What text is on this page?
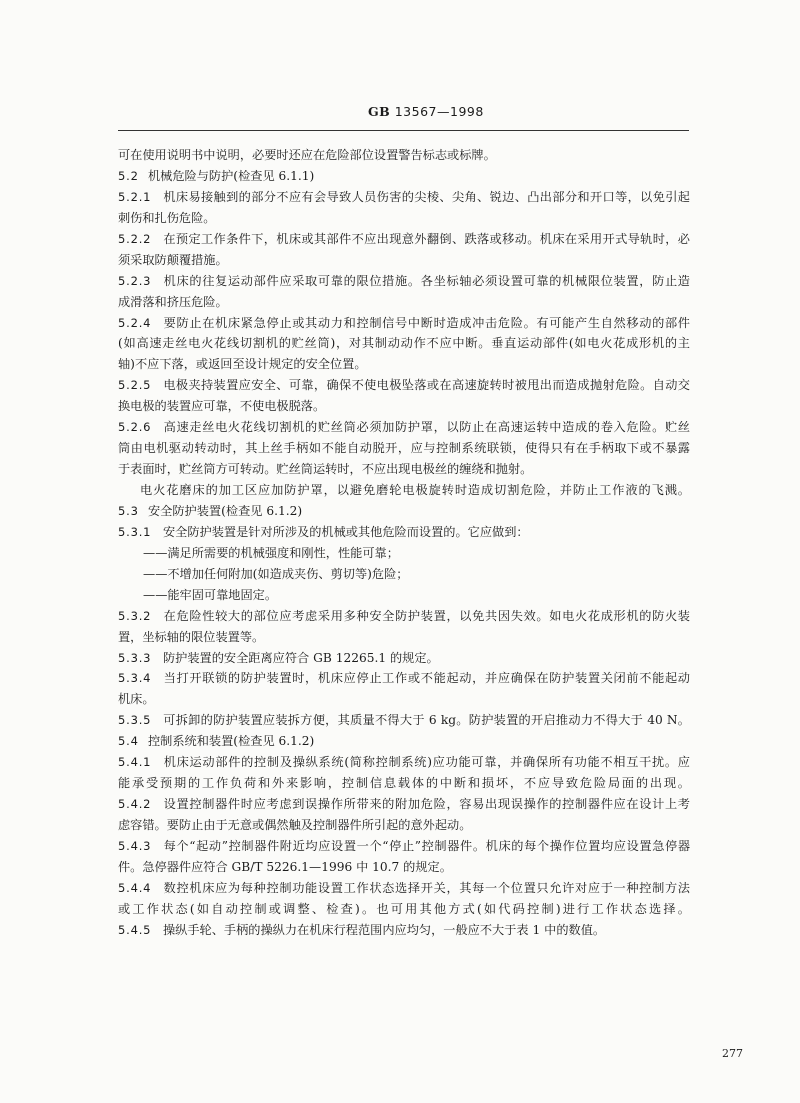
GB 13567—1998
可在使用说明书中说明，必要时还应在危险部位设置警告标志或标牌。
5.2 机械危险与防护(检查见 6.1.1)
5.2.1 机床易接触到的部分不应有会导致人员伤害的尖棱、尖角、锐边、凸出部分和开口等，以免引起
刺伤和扎伤危险。
5.2.2 在预定工作条件下，机床或其部件不应出现意外翻倒、跌落或移动。机床在采用开式导轨时，必
须采取防颠覆措施。
5.2.3 机床的往复运动部件应采取可靠的限位措施。各坐标轴必须设置可靠的机械限位装置，防止造
成滑落和挤压危险。
5.2.4 要防止在机床紧急停止或其动力和控制信号中断时造成冲击危险。有可能产生自然移动的部件
(如高速走丝电火花线切割机的贮丝筒)，对其制动动作不应中断。垂直运动部件(如电火花成形机的主
轴)不应下落，或返回至设计规定的安全位置。
5.2.5 电极夹持装置应安全、可靠，确保不使电极坠落或在高速旋转时被甩出而造成抛射危险。自动交
换电极的装置应可靠，不使电极脱落。
5.2.6 高速走丝电火花线切割机的贮丝筒必须加防护罩，以防止在高速运转中造成的卷入危险。贮丝
筒由电机驱动转动时，其上丝手柄如不能自动脱开，应与控制系统联锁，使得只有在手柄取下或不暴露
于表面时，贮丝筒方可转动。贮丝筒运转时，不应出现电极丝的缠绕和抛射。
电火花磨床的加工区应加防护罩，以避免磨轮电极旋转时造成切割危险，并防止工作液的飞溅。
5.3 安全防护装置(检查见 6.1.2)
5.3.1 安全防护装置是针对所涉及的机械或其他危险而设置的。它应做到：
——满足所需要的机械强度和刚性，性能可靠；
——不增加任何附加(如造成夹伤、剪切等)危险；
——能牢固可靠地固定。
5.3.2 在危险性较大的部位应考虑采用多种安全防护装置，以免共因失效。如电火花成形机的防火装
置，坐标轴的限位装置等。
5.3.3 防护装置的安全距离应符合 GB 12265.1 的规定。
5.3.4 当打开联锁的防护装置时，机床应停止工作或不能起动，并应确保在防护装置关闭前不能起动
机床。
5.3.5 可拆卸的防护装置应装拆方便，其质量不得大于 6 kg。防护装置的开启推动力不得大于 40 N。
5.4 控制系统和装置(检查见 6.1.2)
5.4.1 机床运动部件的控制及操纵系统(简称控制系统)应功能可靠，并确保所有功能不相互干扰。应
能承受预期的工作负荷和外来影响，控制信息载体的中断和损坏，不应导致危险局面的出现。
5.4.2 设置控制器件时应考虑到误操作所带来的附加危险，容易出现误操作的控制器件应在设计上考
虑容错。要防止由于无意或偶然触及控制器件所引起的意外起动。
5.4.3 每个“起动”控制器件附近均应设置一个“停止”控制器件。机床的每个操作位置均应设置急停器
件。急停器件应符合 GB/T 5226.1—1996 中 10.7 的规定。
5.4.4 数控机床应为每种控制功能设置工作状态选择开关，其每一个位置只允许对应于一种控制方法
或工作状态(如自动控制或调整、检查)。也可用其他方式(如代码控制)进行工作状态选择。
5.4.5 操纵手轮、手柄的操纵力在机床行程范围内应均匀，一般应不大于表 1 中的数值。
277
